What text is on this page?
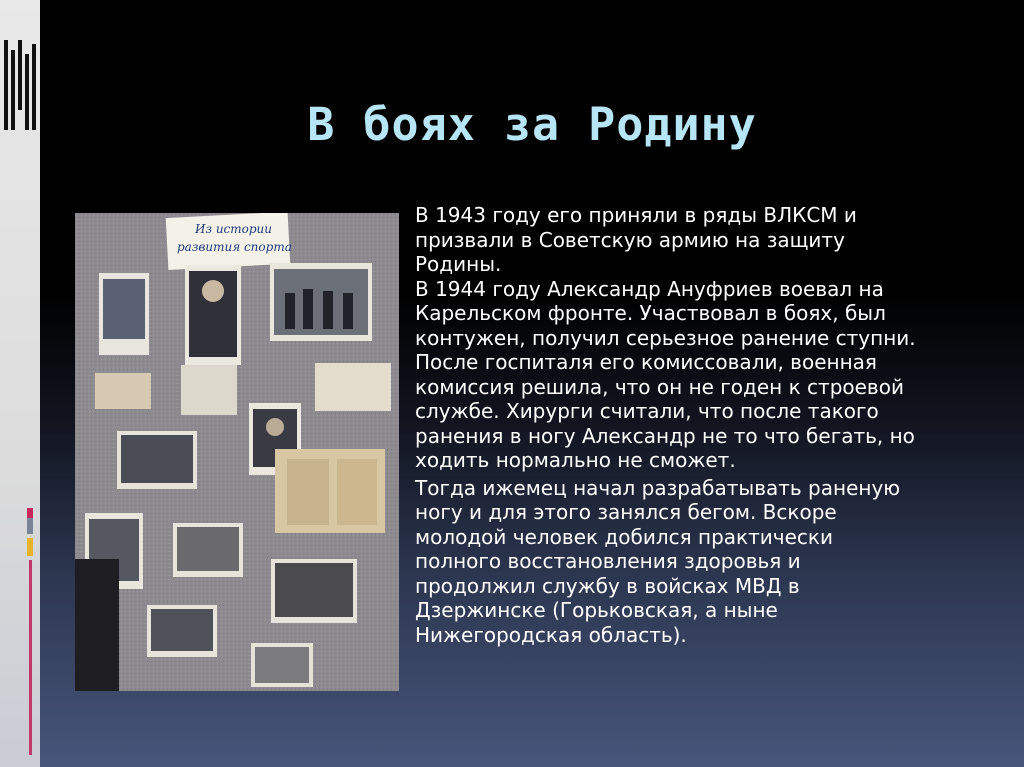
В боях за Родину
Из истории
развития спорта

В 1943 году его приняли в ряды ВЛКСМ и
призвали в Советскую армию на защиту
Родины.
В 1944 году Александр Ануфриев воевал на
Карельском фронте. Участвовал в боях, был
контужен, получил серьезное ранение ступни.
После госпиталя его комиссовали, военная
комиссия решила, что он не годен к строевой
службе. Хирурги считали, что после такого
ранения в ногу Александр не то что бегать, но
ходить нормально не сможет.

Тогда ижемец начал разрабатывать раненую
ногу и для этого занялся бегом. Вскоре
молодой человек добился практически
полного восстановления здоровья и
продолжил службу в войсках МВД в
Дзержинске (Горьковская, а ныне
Нижегородская область).
